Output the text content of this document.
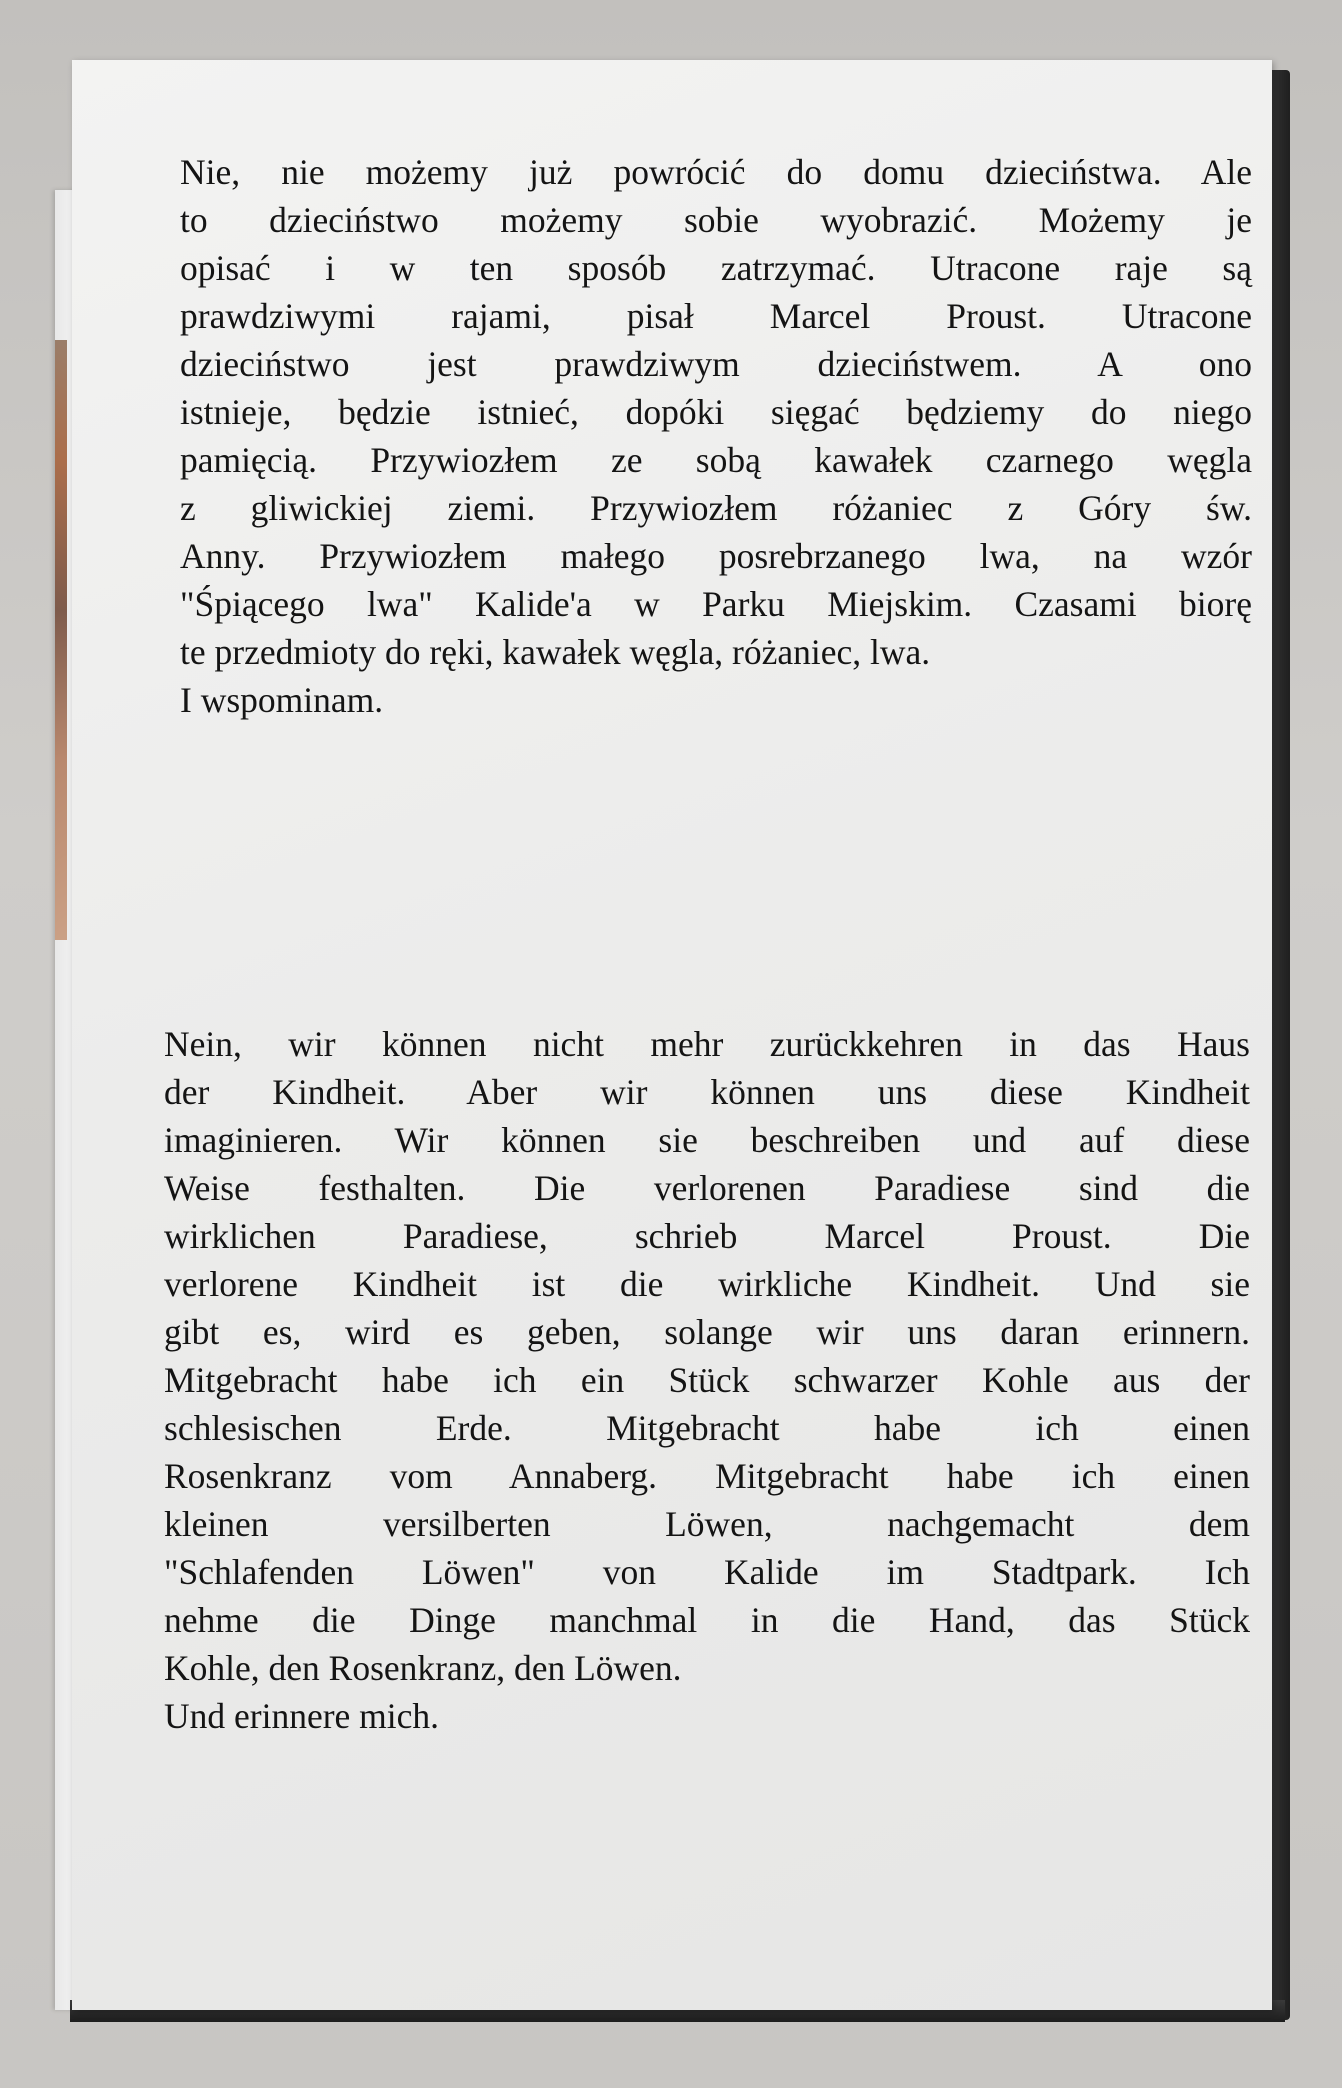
Nie, nie możemy już powrócić do domu dzieciństwa. Ale
to dzieciństwo możemy sobie wyobrazić. Możemy je
opisać i w ten sposób zatrzymać. Utracone raje są
prawdziwymi rajami, pisał Marcel Proust. Utracone
dzieciństwo jest prawdziwym dzieciństwem. A ono
istnieje, będzie istnieć, dopóki sięgać będziemy do niego
pamięcią. Przywiozłem ze sobą kawałek czarnego węgla
z gliwickiej ziemi. Przywiozłem różaniec z Góry św.
Anny. Przywiozłem małego posrebrzanego lwa, na wzór
"Śpiącego lwa" Kalide'a w Parku Miejskim. Czasami biorę
te przedmioty do ręki, kawałek węgla, różaniec, lwa.
I wspominam.
Nein, wir können nicht mehr zurückkehren in das Haus
der Kindheit. Aber wir können uns diese Kindheit
imaginieren. Wir können sie beschreiben und auf diese
Weise festhalten. Die verlorenen Paradiese sind die
wirklichen Paradiese, schrieb Marcel Proust. Die
verlorene Kindheit ist die wirkliche Kindheit. Und sie
gibt es, wird es geben, solange wir uns daran erinnern.
Mitgebracht habe ich ein Stück schwarzer Kohle aus der
schlesischen Erde. Mitgebracht habe ich einen
Rosenkranz vom Annaberg. Mitgebracht habe ich einen
kleinen versilberten Löwen, nachgemacht dem
"Schlafenden Löwen" von Kalide im Stadtpark. Ich
nehme die Dinge manchmal in die Hand, das Stück
Kohle, den Rosenkranz, den Löwen.
Und erinnere mich.
